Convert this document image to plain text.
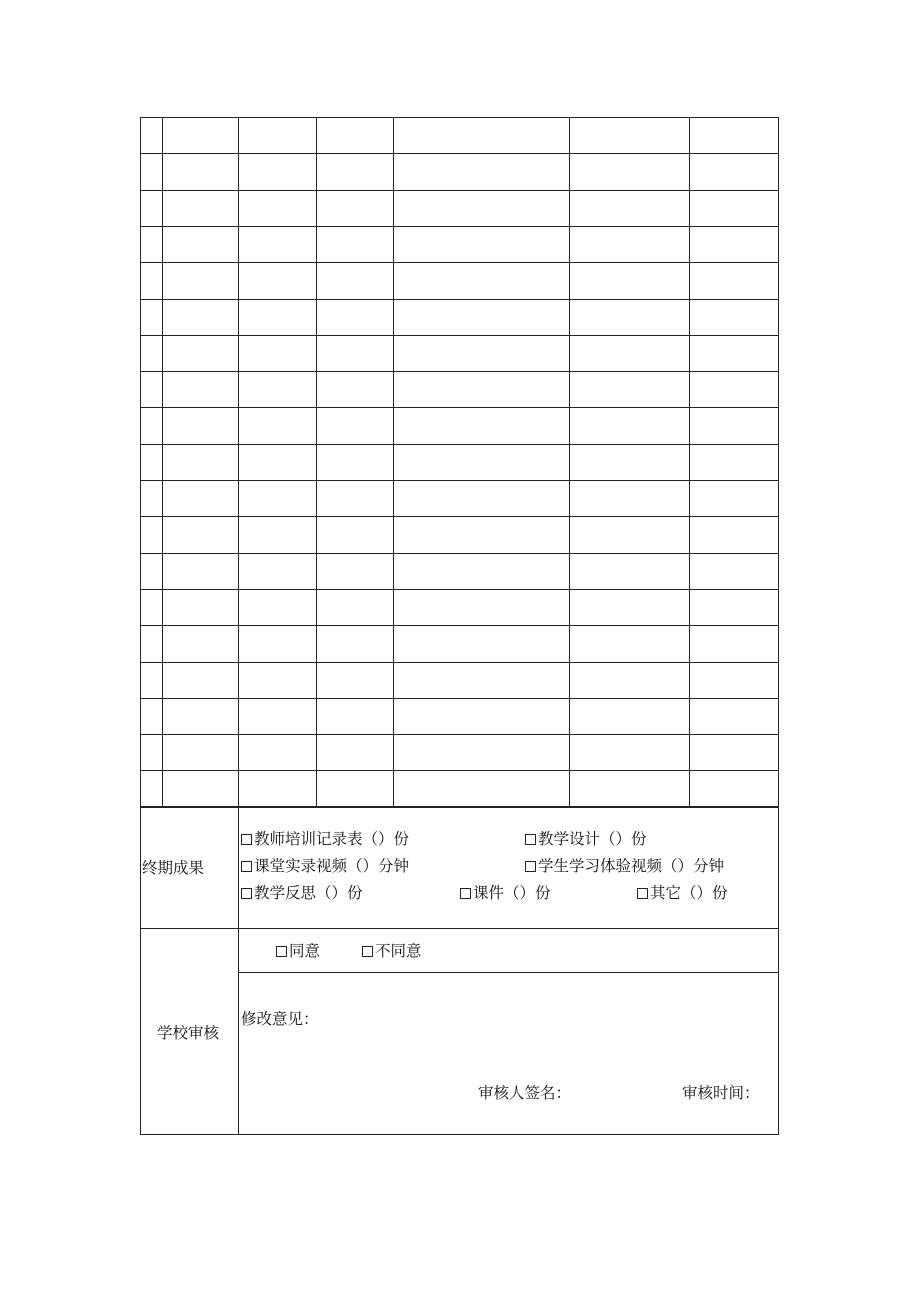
终期成果
教师培训记录表（）份	教学设计（）份
课堂实录视频（）分钟	学生学习体验视频（）分钟
教学反思（）份	课件（）份	其它（）份
学校审核
同意	不同意
修改意见：
审核人签名：	审核时间：
